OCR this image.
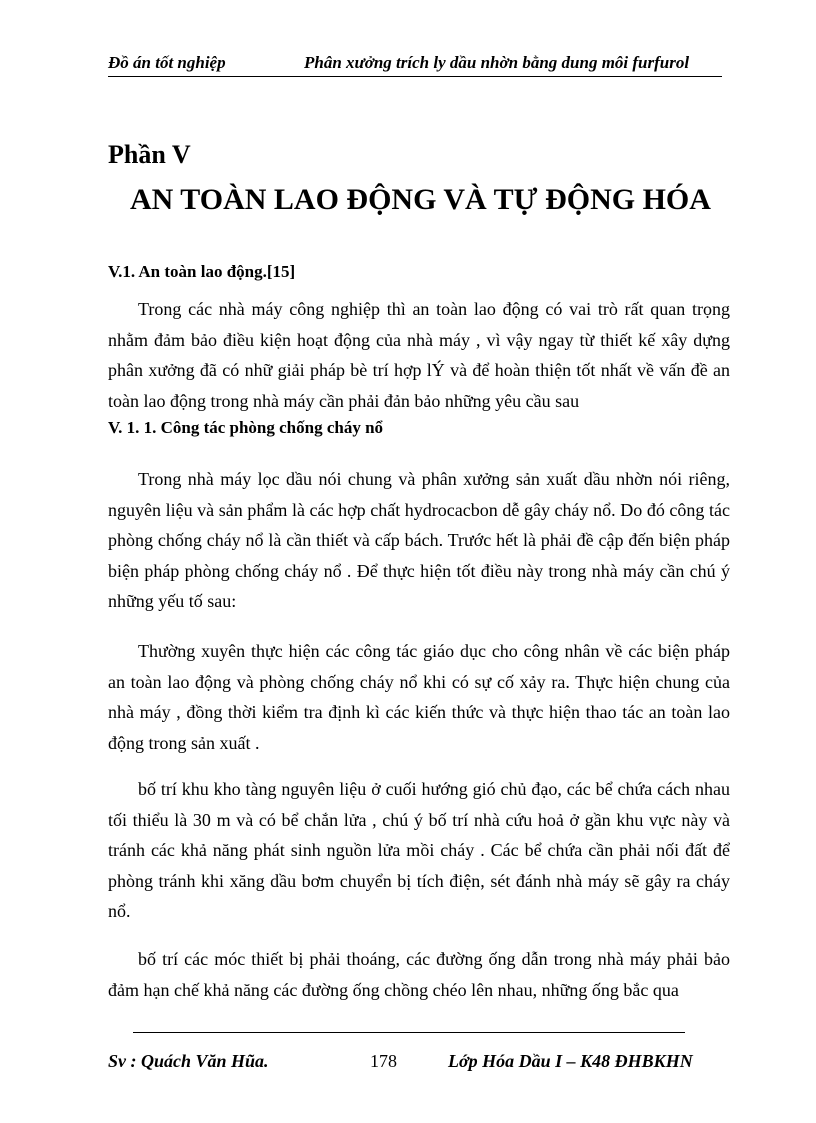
Đồ án tốt nghiệp	Phân xưởng trích ly dầu nhờn bằng dung môi furfurol
Phần V
AN TOÀN LAO ĐỘNG VÀ TỰ ĐỘNG HÓA
V.1. An toàn lao động.[15]

Trong các nhà máy công nghiệp thì an toàn lao động có vai trò rất quan trọng nhằm đảm bảo điều kiện hoạt động của nhà máy , vì vậy ngay từ thiết kế xây dựng phân xưởng đã có nhữ giải pháp bè trí hợp lÝ và để hoàn thiện tốt nhất về vấn đề an toàn lao động trong nhà máy cần phải đản bảo những yêu cầu sau

V. 1. 1. Công tác phòng chống cháy nổ

Trong nhà máy lọc dầu nói chung và phân xưởng sản xuất dầu nhờn nói riêng, nguyên liệu và sản phẩm là các hợp chất hydrocacbon dễ gây cháy nổ. Do đó công tác phòng chống cháy nổ là cần thiết và cấp bách. Trước hết là phải đề cập đến biện pháp biện pháp phòng chống cháy nổ . Để thực hiện tốt điều này trong nhà máy cần chú ý những yếu tố sau:

Thường xuyên thực hiện các công tác giáo dục cho công nhân về các biện pháp an toàn lao động và phòng chống cháy nổ khi có sự cố xảy ra. Thực hiện chung của nhà máy , đồng thời kiểm tra định kì các kiến thức và thực hiện thao tác an toàn lao động trong sản xuất .

bố trí khu kho tàng nguyên liệu ở cuối hướng gió chủ đạo, các bể chứa cách nhau tối thiểu là 30 m và có bể chắn lửa , chú ý bố trí nhà cứu hoả ở gần khu vực này và tránh các khả năng phát sinh nguồn lửa mồi cháy . Các bể chứa cần phải nối đất để phòng tránh khi xăng dầu bơm chuyển bị tích điện, sét đánh nhà máy sẽ gây ra cháy nổ.

bố trí các móc thiết bị phải thoáng, các đường ống dẫn trong nhà máy phải bảo đảm hạn chế khả năng các đường ống chồng chéo lên nhau, những ống bắc qua

Sv : Quách Văn Hũa.	178	Lớp Hóa Dầu I – K48 ĐHBKHN
